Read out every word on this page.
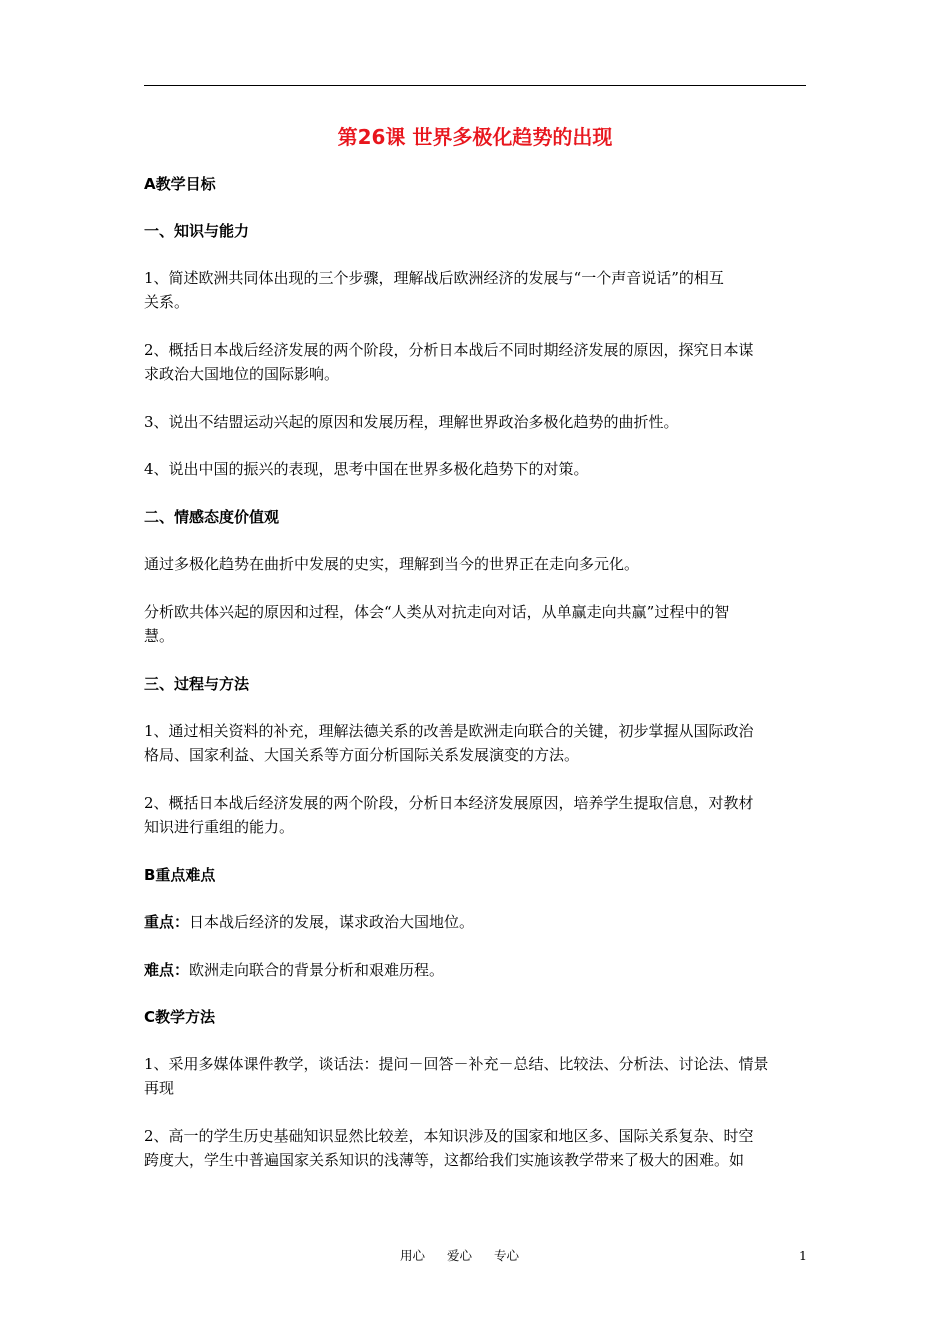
第26课 世界多极化趋势的出现
A教学目标
一、知识与能力
1、简述欧洲共同体出现的三个步骤，理解战后欧洲经济的发展与“一个声音说话”的相互
关系。
2、概括日本战后经济发展的两个阶段，分析日本战后不同时期经济发展的原因，探究日本谋
求政治大国地位的国际影响。
3、说出不结盟运动兴起的原因和发展历程，理解世界政治多极化趋势的曲折性。
4、说出中国的振兴的表现，思考中国在世界多极化趋势下的对策。
二、情感态度价值观
通过多极化趋势在曲折中发展的史实，理解到当今的世界正在走向多元化。
分析欧共体兴起的原因和过程，体会“人类从对抗走向对话，从单赢走向共赢”过程中的智
慧。
三、过程与方法
1、通过相关资料的补充，理解法德关系的改善是欧洲走向联合的关键，初步掌握从国际政治
格局、国家利益、大国关系等方面分析国际关系发展演变的方法。
2、概括日本战后经济发展的两个阶段，分析日本经济发展原因，培养学生提取信息，对教材
知识进行重组的能力。
B重点难点
重点：日本战后经济的发展，谋求政治大国地位。
难点：欧洲走向联合的背景分析和艰难历程。
C教学方法
1、采用多媒体课件教学，谈话法：提问－回答－补充－总结、比较法、分析法、讨论法、情景
再现
2、高一的学生历史基础知识显然比较差，本知识涉及的国家和地区多、国际关系复杂、时空
跨度大，学生中普遍国家关系知识的浅薄等，这都给我们实施该教学带来了极大的困难。如
用心 爱心 专心	1
